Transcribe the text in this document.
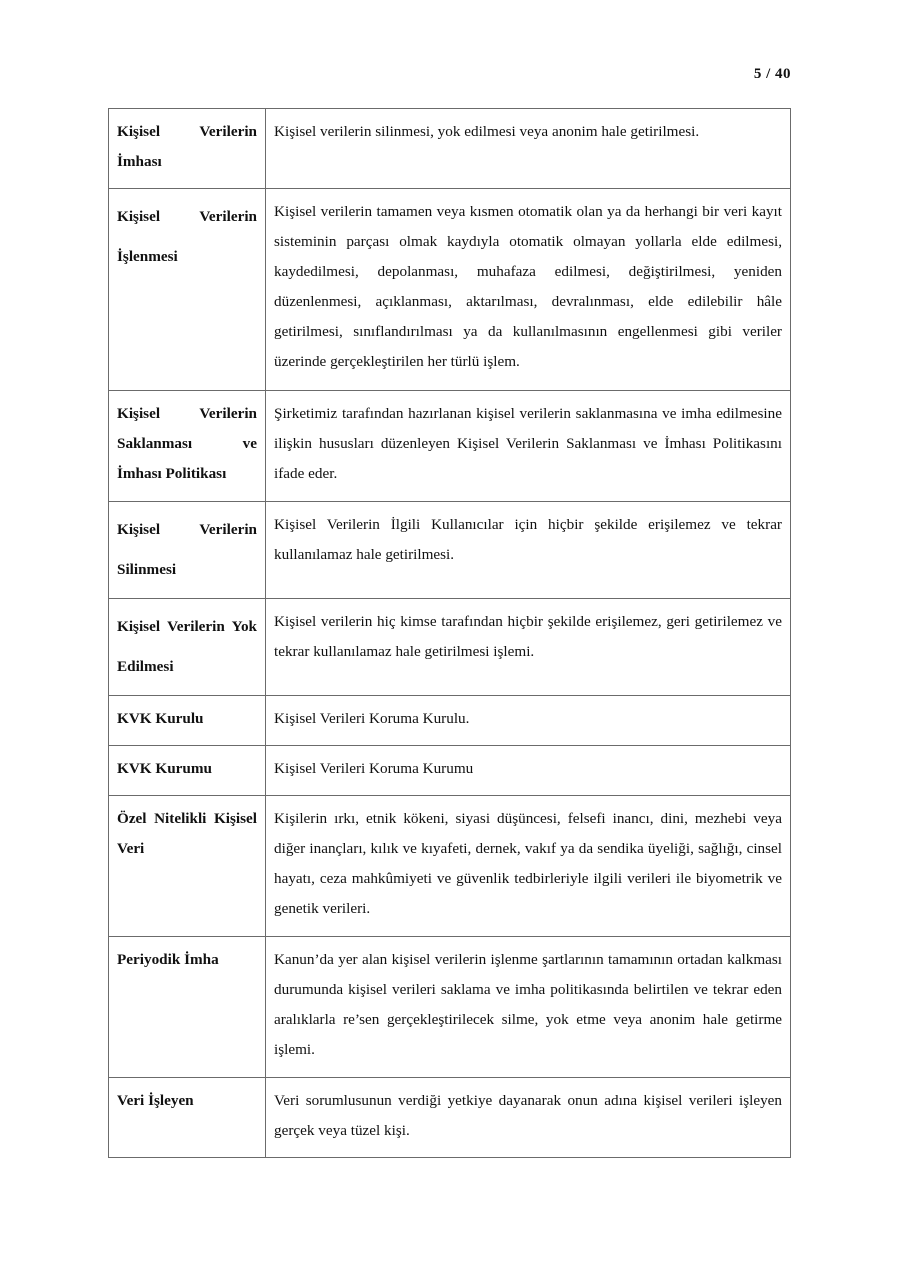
5 / 40
Kişisel Verilerin İmhası	Kişisel verilerin silinmesi, yok edilmesi veya anonim hale getirilmesi.
Kişisel Verilerin İşlenmesi	Kişisel verilerin tamamen veya kısmen otomatik olan ya da herhangi bir veri kayıt sisteminin parçası olmak kaydıyla otomatik olmayan yollarla elde edilmesi, kaydedilmesi, depolanması, muhafaza edilmesi, değiştirilmesi, yeniden düzenlenmesi, açıklanması, aktarılması, devralınması, elde edilebilir hâle getirilmesi, sınıflandırılması ya da kullanılmasının engellenmesi gibi veriler üzerinde gerçekleştirilen her türlü işlem.
Kişisel Verilerin Saklanması ve İmhası Politikası	Şirketimiz tarafından hazırlanan kişisel verilerin saklanmasına ve imha edilmesine ilişkin hususları düzenleyen Kişisel Verilerin Saklanması ve İmhası Politikasını ifade eder.
Kişisel Verilerin Silinmesi	Kişisel Verilerin İlgili Kullanıcılar için hiçbir şekilde erişilemez ve tekrar kullanılamaz hale getirilmesi.
Kişisel Verilerin Yok Edilmesi	Kişisel verilerin hiç kimse tarafından hiçbir şekilde erişilemez, geri getirilemez ve tekrar kullanılamaz hale getirilmesi işlemi.
KVK Kurulu	Kişisel Verileri Koruma Kurulu.
KVK Kurumu	Kişisel Verileri Koruma Kurumu
Özel Nitelikli Kişisel Veri	Kişilerin ırkı, etnik kökeni, siyasi düşüncesi, felsefi inancı, dini, mezhebi veya diğer inançları, kılık ve kıyafeti, dernek, vakıf ya da sendika üyeliği, sağlığı, cinsel hayatı, ceza mahkûmiyeti ve güvenlik tedbirleriyle ilgili verileri ile biyometrik ve genetik verileri.
Periyodik İmha	Kanun’da yer alan kişisel verilerin işlenme şartlarının tamamının ortadan kalkması durumunda kişisel verileri saklama ve imha politikasında belirtilen ve tekrar eden aralıklarla re’sen gerçekleştirilecek silme, yok etme veya anonim hale getirme işlemi.
Veri İşleyen	Veri sorumlusunun verdiği yetkiye dayanarak onun adına kişisel verileri işleyen gerçek veya tüzel kişi.
